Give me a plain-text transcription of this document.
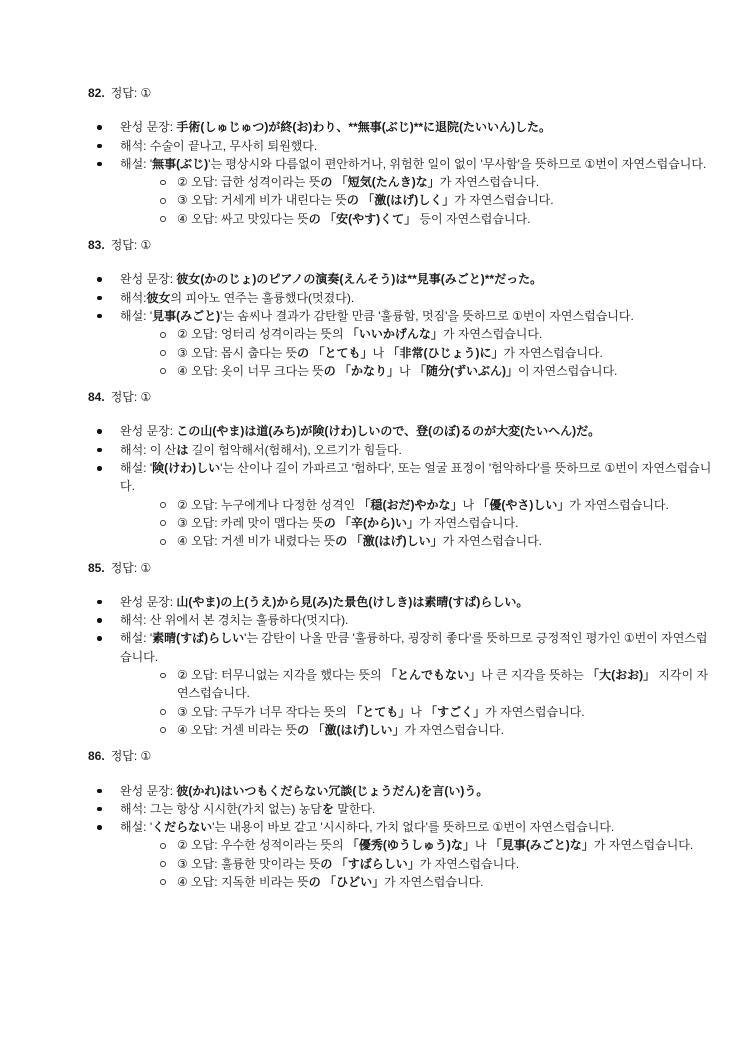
82. 정답: ①
완성 문장: 手術(しゅじゅつ)が終(お)わり、**無事(ぶじ)**に退院(たいいん)した。
해석: 수술이 끝나고, 무사히 퇴원했다.
해설: '無事(ぶじ)'는 평상시와 다름없이 편안하거나, 위험한 일이 없이 '무사함'을 뜻하므로 ①번이 자연스럽습니다.
② 오답: 급한 성격이라는 뜻の 「短気(たんき)な」가 자연스럽습니다.
③ 오답: 거세게 비가 내린다는 뜻の 「激(はげ)しく」가 자연스럽습니다.
④ 오답: 싸고 맛있다는 뜻の 「安(やす)くて」 등이 자연스럽습니다.
83. 정답: ①
완성 문장: 彼女(かのじょ)のピアノの演奏(えんそう)は**見事(みごと)**だった。
해석:彼女의 피아노 연주는 훌륭했다(멋졌다).
해설: '見事(みごと)'는 솜씨나 결과가 감탄할 만큼 '훌륭함, 멋짐'을 뜻하므로 ①번이 자연스럽습니다.
② 오답: 엉터리 성격이라는 뜻의 「いいかげんな」가 자연스럽습니다.
③ 오답: 몹시 춥다는 뜻の 「とても」나 「非常(ひじょう)に」가 자연스럽습니다.
④ 오답: 옷이 너무 크다는 뜻の 「かなり」나 「随分(ずいぶん)」이 자연스럽습니다.
84. 정답: ①
완성 문장: この山(やま)は道(みち)が険(けわ)しいので、登(のぼ)るのが大変(たいへん)だ。
해석: 이 산は 길이 험악해서(험해서), 오르기가 힘들다.
해설: '険(けわ)しい'는 산이나 길이 가파르고 '험하다', 또는 얼굴 표정이 '험악하다'를 뜻하므로 ①번이 자연스럽습니다.
② 오답: 누구에게나 다정한 성격인 「穏(おだ)やかな」나 「優(やさ)しい」가 자연스럽습니다.
③ 오답: 카레 맛이 맵다는 뜻の 「辛(から)い」가 자연스럽습니다.
④ 오답: 거센 비가 내렸다는 뜻の 「激(はげ)しい」가 자연스럽습니다.
85. 정답: ①
완성 문장: 山(やま)の上(うえ)から見(み)た景色(けしき)は素晴(すば)らしい。
해석: 산 위에서 본 경치는 훌륭하다(멋지다).
해설: '素晴(すば)らしい'는 감탄이 나올 만큼 '훌륭하다, 굉장히 좋다'를 뜻하므로 긍정적인 평가인 ①번이 자연스럽습니다.
② 오답: 터무니없는 지각을 했다는 뜻의 「とんでもない」나 큰 지각을 뜻하는 「大(おお)」 지각이 자연스럽습니다.
③ 오답: 구두가 너무 작다는 뜻의 「とても」나 「すごく」가 자연스럽습니다.
④ 오답: 거센 비라는 뜻の 「激(はげ)しい」가 자연스럽습니다.
86. 정답: ①
완성 문장: 彼(かれ)はいつもくだらない冗談(じょうだん)を言(い)う。
해석: 그는 항상 시시한(가치 없는) 농담を 말한다.
해설: 'くだらない'는 내용이 바보 같고 '시시하다, 가치 없다'를 뜻하므로 ①번이 자연스럽습니다.
② 오답: 우수한 성적이라는 뜻의 「優秀(ゆうしゅう)な」나 「見事(みごと)な」가 자연스럽습니다.
③ 오답: 훌륭한 맛이라는 뜻の 「すばらしい」가 자연스럽습니다.
④ 오답: 지독한 비라는 뜻の 「ひどい」가 자연스럽습니다.
